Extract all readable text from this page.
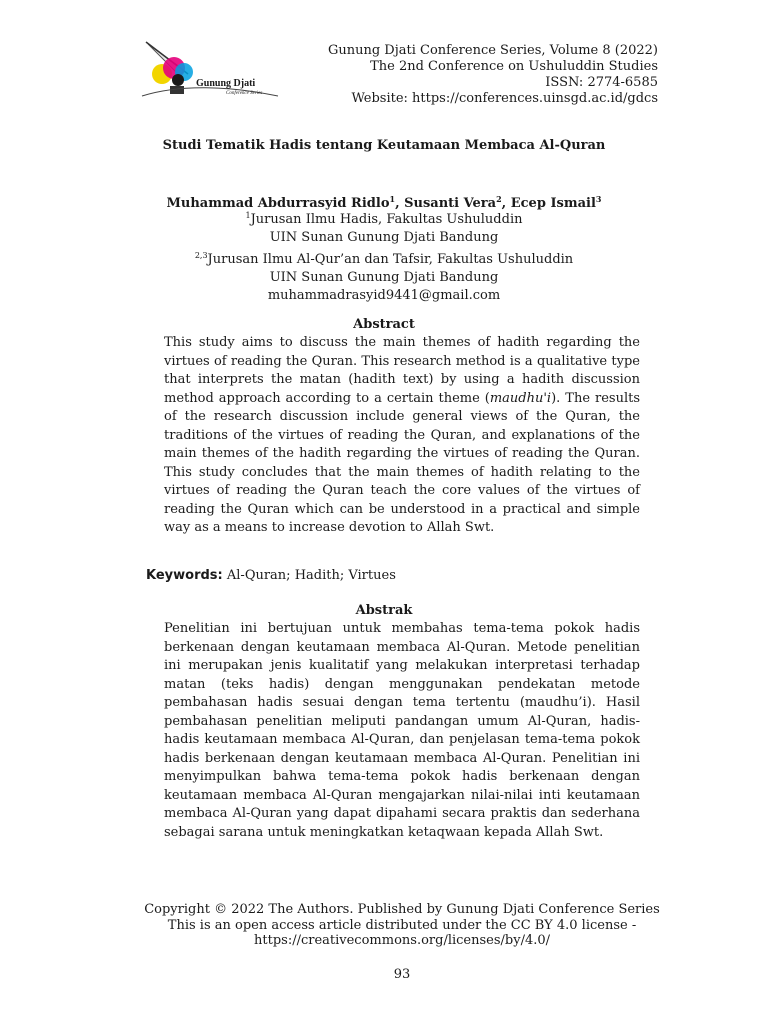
Gunung Djati
Conference Series
Gunung Djati Conference Series, Volume 8 (2022)
The 2nd Conference on Ushuluddin Studies
ISSN: 2774-6585
Website: https://conferences.uinsgd.ac.id/gdcs
Studi Tematik Hadis tentang Keutamaan Membaca Al-Quran
Muhammad Abdurrasyid Ridlo$^1$, Susanti Vera$^2$, Ecep Ismail$^3$
$^1$Jurusan Ilmu Hadis, Fakultas Ushuluddin
UIN Sunan Gunung Djati Bandung
$^{2,3}$Jurusan Ilmu Al-Qur’an dan Tafsir, Fakultas Ushuluddin
UIN Sunan Gunung Djati Bandung
muhammadrasyid9441@gmail.com
Abstract
This study aims to discuss the main themes of hadith regarding the virtues of reading the Quran. This research method is a qualitative type that interprets the matan (hadith text) by using a hadith discussion method approach according to a certain theme (maudhu'i). The results of the research discussion include general views of the Quran, the traditions of the virtues of reading the Quran, and explanations of the main themes of the hadith regarding the virtues of reading the Quran. This study concludes that the main themes of hadith relating to the virtues of reading the Quran teach the core values of the virtues of reading the Quran which can be understood in a practical and simple way as a means to increase devotion to Allah Swt.
Keywords: Al-Quran; Hadith; Virtues
Abstrak
Penelitian ini bertujuan untuk membahas tema-tema pokok hadis berkenaan dengan keutamaan membaca Al-Quran. Metode penelitian ini merupakan jenis kualitatif yang melakukan interpretasi terhadap matan (teks hadis) dengan menggunakan pendekatan metode pembahasan hadis sesuai dengan tema tertentu (maudhu’i). Hasil pembahasan penelitian meliputi pandangan umum Al-Quran, hadis-hadis keutamaan membaca Al-Quran, dan penjelasan tema-tema pokok hadis berkenaan dengan keutamaan membaca Al-Quran. Penelitian ini menyimpulkan bahwa tema-tema pokok hadis berkenaan dengan keutamaan membaca Al-Quran mengajarkan nilai-nilai inti keutamaan membaca Al-Quran yang dapat dipahami secara praktis dan sederhana sebagai sarana untuk meningkatkan ketaqwaan kepada Allah Swt.
Copyright © 2022 The Authors. Published by Gunung Djati Conference Series
This is an open access article distributed under the CC BY 4.0 license -
https://creativecommons.org/licenses/by/4.0/
93
